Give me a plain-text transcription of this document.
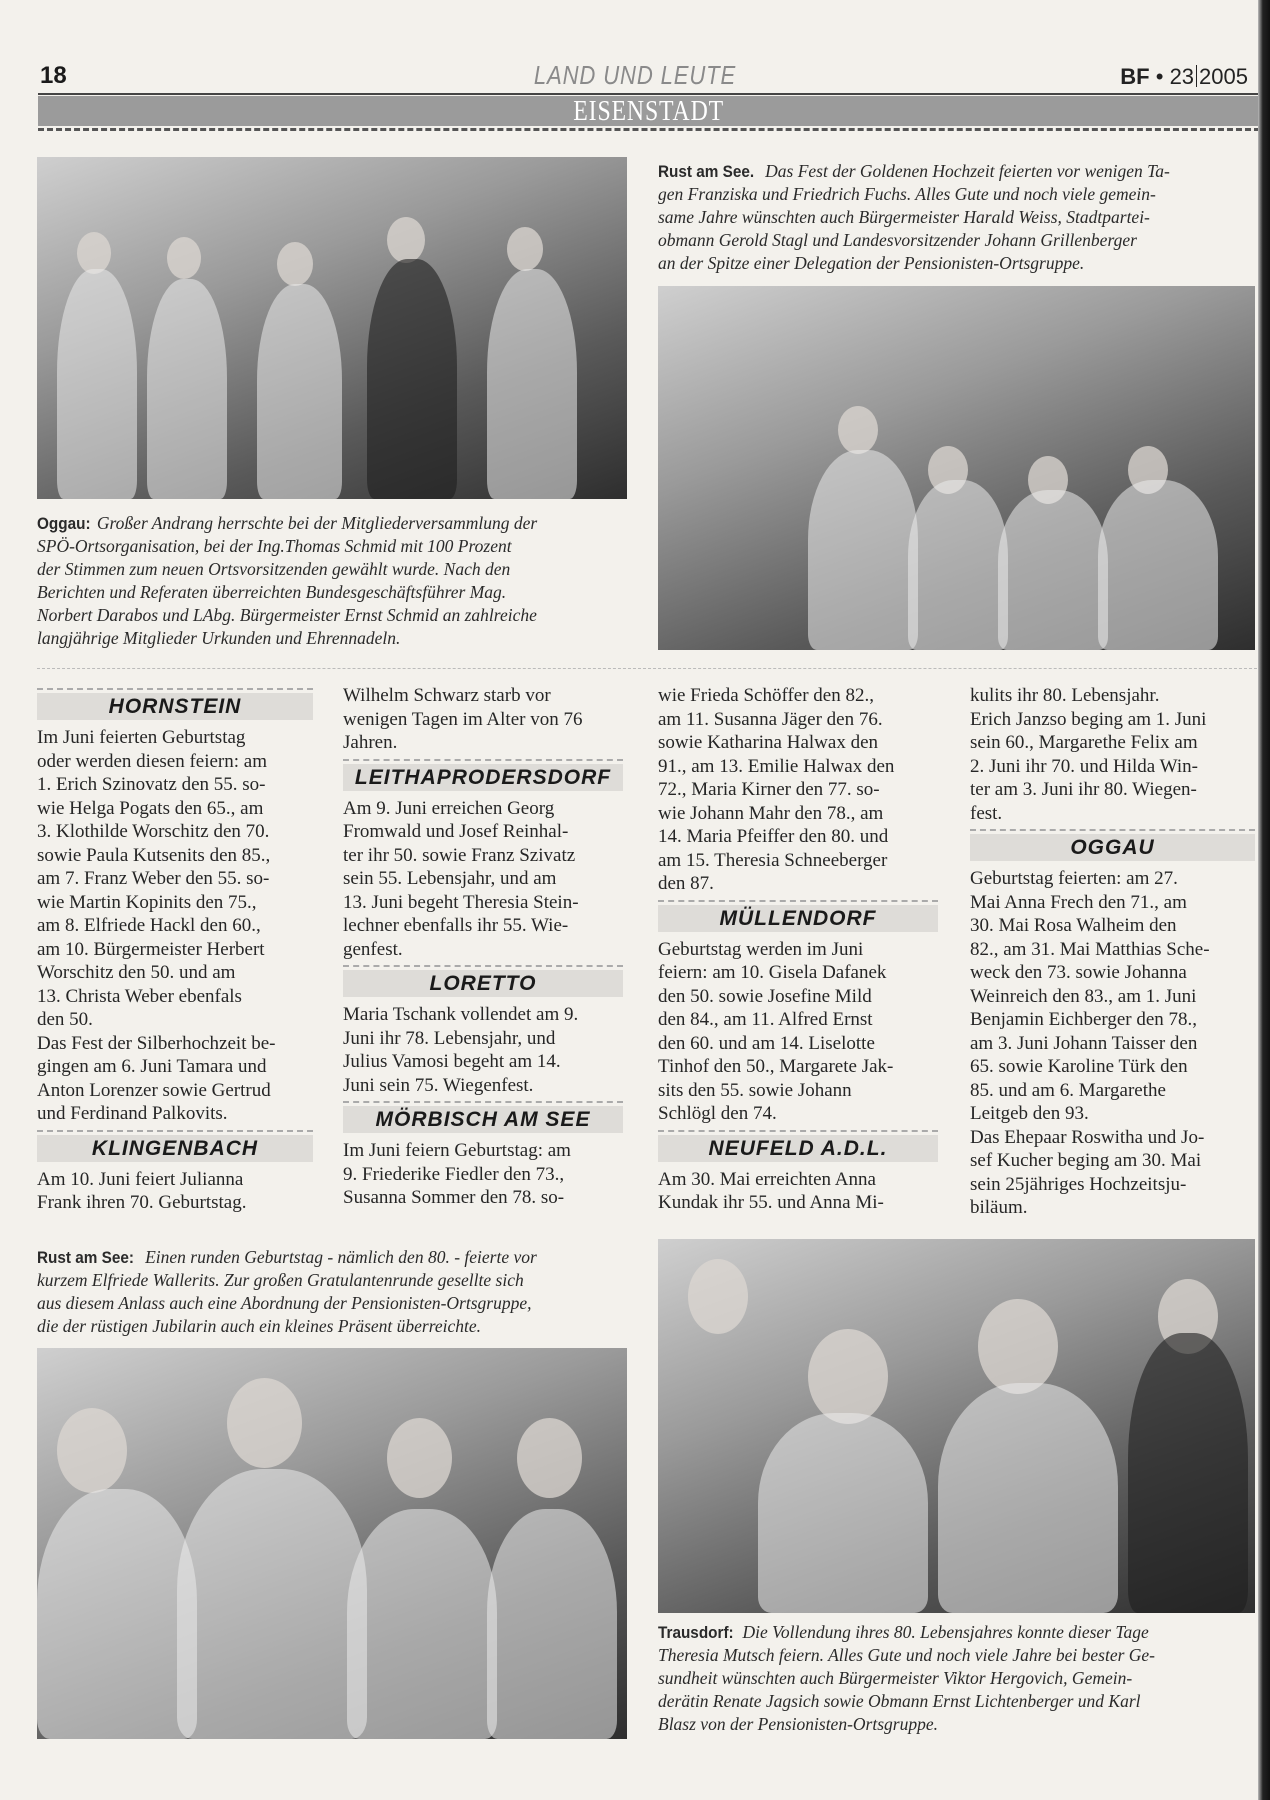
18	LAND UND LEUTE	BF • 23 2005
EISENSTADT
Rust am See. Das Fest der Goldenen Hochzeit feierten vor wenigen Ta-
gen Franziska und Friedrich Fuchs. Alles Gute und noch viele gemein-
same Jahre wünschten auch Bürgermeister Harald Weiss, Stadtpartei-
obmann Gerold Stagl und Landesvorsitzender Johann Grillenberger
an der Spitze einer Delegation der Pensionisten-Ortsgruppe.
Oggau: Großer Andrang herrschte bei der Mitgliederversammlung der
SPÖ-Ortsorganisation, bei der Ing.Thomas Schmid mit 100 Prozent
der Stimmen zum neuen Ortsvorsitzenden gewählt wurde. Nach den
Berichten und Referaten überreichten Bundesgeschäftsführer Mag.
Norbert Darabos und LAbg. Bürgermeister Ernst Schmid an zahlreiche
langjährige Mitglieder Urkunden und Ehrennadeln.
Rust am See: Einen runden Geburtstag - nämlich den 80. - feierte vor
kurzem Elfriede Wallerits. Zur großen Gratulantenrunde gesellte sich
aus diesem Anlass auch eine Abordnung der Pensionisten-Ortsgruppe,
die der rüstigen Jubilarin auch ein kleines Präsent überreichte.
Trausdorf: Die Vollendung ihres 80. Lebensjahres konnte dieser Tage
Theresia Mutsch feiern. Alles Gute und noch viele Jahre bei bester Ge-
sundheit wünschten auch Bürgermeister Viktor Hergovich, Gemein-
derätin Renate Jagsich sowie Obmann Ernst Lichtenberger und Karl
Blasz von der Pensionisten-Ortsgruppe.
HORNSTEIN
Im Juni feierten Geburtstag
oder werden diesen feiern: am
1. Erich Szinovatz den 55. so-
wie Helga Pogats den 65., am
3. Klothilde Worschitz den 70.
sowie Paula Kutsenits den 85.,
am 7. Franz Weber den 55. so-
wie Martin Kopinits den 75.,
am 8. Elfriede Hackl den 60.,
am 10. Bürgermeister Herbert
Worschitz den 50. und am
13. Christa Weber ebenfals
den 50.
Das Fest der Silberhochzeit be-
gingen am 6. Juni Tamara und
Anton Lorenzer sowie Gertrud
und Ferdinand Palkovits.
KLINGENBACH
Am 10. Juni feiert Julianna
Frank ihren 70. Geburtstag.
Wilhelm Schwarz starb vor
wenigen Tagen im Alter von 76
Jahren.
LEITHAPRODERSDORF
Am 9. Juni erreichen Georg
Fromwald und Josef Reinhal-
ter ihr 50. sowie Franz Szivatz
sein 55. Lebensjahr, und am
13. Juni begeht Theresia Stein-
lechner ebenfalls ihr 55. Wie-
genfest.
LORETTO
Maria Tschank vollendet am 9.
Juni ihr 78. Lebensjahr, und
Julius Vamosi begeht am 14.
Juni sein 75. Wiegenfest.
MÖRBISCH AM SEE
Im Juni feiern Geburtstag: am
9. Friederike Fiedler den 73.,
Susanna Sommer den 78. so-
wie Frieda Schöffer den 82.,
am 11. Susanna Jäger den 76.
sowie Katharina Halwax den
91., am 13. Emilie Halwax den
72., Maria Kirner den 77. so-
wie Johann Mahr den 78., am
14. Maria Pfeiffer den 80. und
am 15. Theresia Schneeberger
den 87.
MÜLLENDORF
Geburtstag werden im Juni
feiern: am 10. Gisela Dafanek
den 50. sowie Josefine Mild
den 84., am 11. Alfred Ernst
den 60. und am 14. Liselotte
Tinhof den 50., Margarete Jak-
sits den 55. sowie Johann
Schlögl den 74.
NEUFELD A.D.L.
Am 30. Mai erreichten Anna
Kundak ihr 55. und Anna Mi-
kulits ihr 80. Lebensjahr.
Erich Janzso beging am 1. Juni
sein 60., Margarethe Felix am
2. Juni ihr 70. und Hilda Win-
ter am 3. Juni ihr 80. Wiegen-
fest.
OGGAU
Geburtstag feierten: am 27.
Mai Anna Frech den 71., am
30. Mai Rosa Walheim den
82., am 31. Mai Matthias Sche-
weck den 73. sowie Johanna
Weinreich den 83., am 1. Juni
Benjamin Eichberger den 78.,
am 3. Juni Johann Taisser den
65. sowie Karoline Türk den
85. und am 6. Margarethe
Leitgeb den 93.
Das Ehepaar Roswitha und Jo-
sef Kucher beging am 30. Mai
sein 25jähriges Hochzeitsju-
biläum.
